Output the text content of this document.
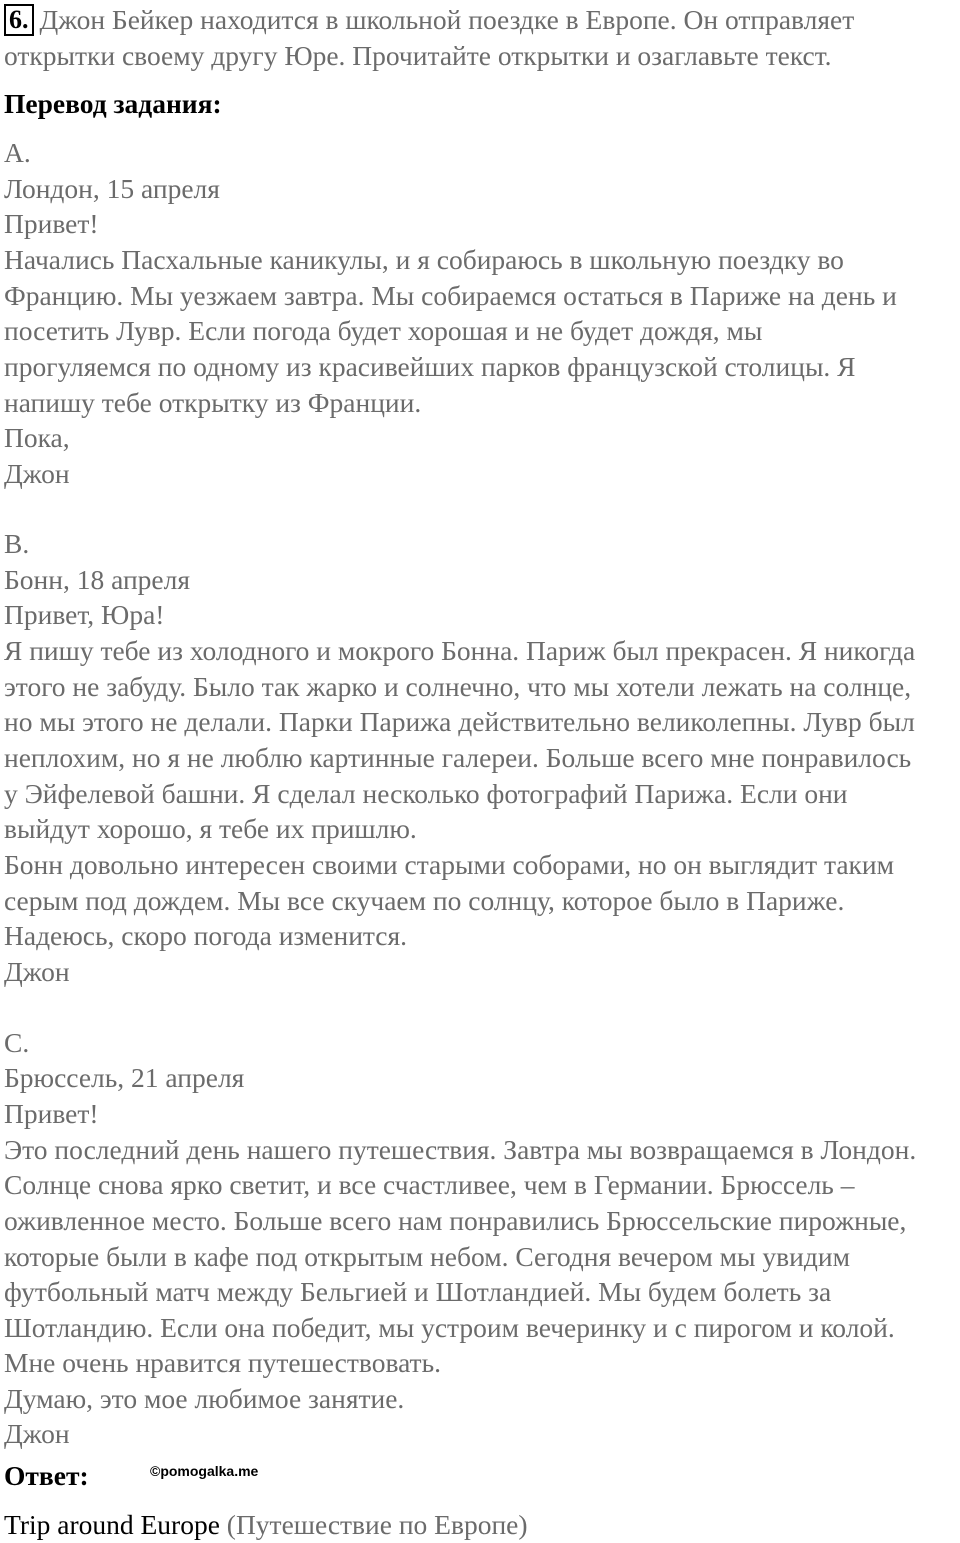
6. Джон Бейкер находится в школьной поездке в Европе. Он отправляет
открытки своему другу Юре. Прочитайте открытки и озаглавьте текст.
Перевод задания:
A.
Лондон, 15 апреля
Привет!
Начались Пасхальные каникулы, и я собираюсь в школьную поездку во
Францию. Мы уезжаем завтра. Мы собираемся остаться в Париже на день и
посетить Лувр. Если погода будет хорошая и не будет дождя, мы
прогуляемся по одному из красивейших парков французской столицы. Я
напишу тебе открытку из Франции.
Пока,
Джон
B.
Бонн, 18 апреля
Привет, Юра!
Я пишу тебе из холодного и мокрого Бонна. Париж был прекрасен. Я никогда
этого не забуду. Было так жарко и солнечно, что мы хотели лежать на солнце,
но мы этого не делали. Парки Парижа действительно великолепны. Лувр был
неплохим, но я не люблю картинные галереи. Больше всего мне понравилось
у Эйфелевой башни. Я сделал несколько фотографий Парижа. Если они
выйдут хорошо, я тебе их пришлю.
Бонн довольно интересен своими старыми соборами, но он выглядит таким
серым под дождем. Мы все скучаем по солнцу, которое было в Париже.
Надеюсь, скоро погода изменится.
Джон
C.
Брюссель, 21 апреля
Привет!
Это последний день нашего путешествия. Завтра мы возвращаемся в Лондон.
Солнце снова ярко светит, и все счастливее, чем в Германии. Брюссель –
оживленное место. Больше всего нам понравились Брюссельские пирожные,
которые были в кафе под открытым небом. Сегодня вечером мы увидим
футбольный матч между Бельгией и Шотландией. Мы будем болеть за
Шотландию. Если она победит, мы устроим вечеринку и с пирогом и колой.
Мне очень нравится путешествовать.
Думаю, это мое любимое занятие.
Джон
Ответ:
Trip around Europe (Путешествие по Европе)
©pomogalka.me
